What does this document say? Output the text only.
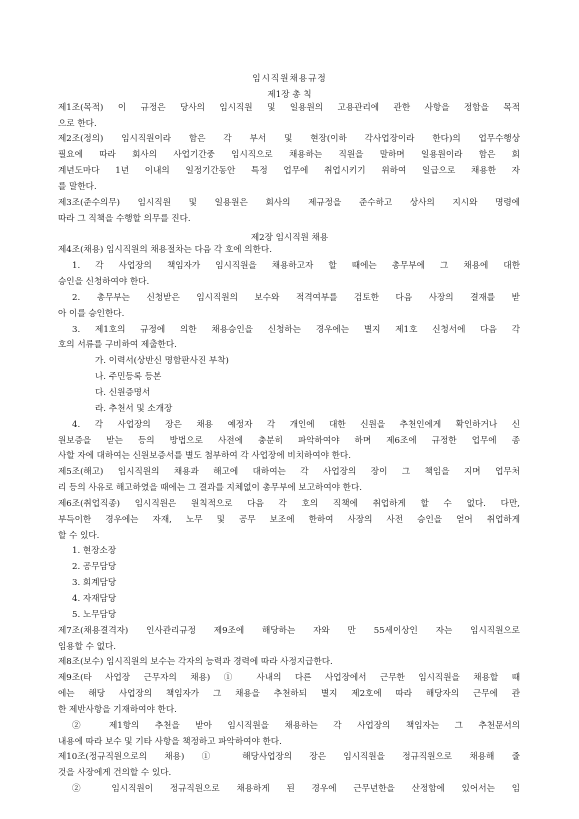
임시직원채용규정
제1장 총 칙
제1조(목적) 이 규정은 당사의 임시직원 및 일용원의 고용관리에 관한 사항을 정함을 목적
으로 한다.
제2조(정의) 임시직원이라 함은 각 부서 및 현장(이하 각사업장이라 한다)의 업무수행상
필요에 따라 회사의 사업기간중 임시직으로 채용하는 직원을 말하며 일용원이라 함은 회
계년도마다 1년 이내의 일정기간동안 특정 업무에 취업시키기 위하여 일급으로 채용한 자
를 말한다.
제3조(준수의무) 임시직원 및 일용원은 회사의 제규정을 준수하고 상사의 지시와 명령에
따라 그 직책을 수행할 의무를 진다.
제2장 임시직원 채용
제4조(채용) 임시직원의 채용절차는 다음 각 호에 의한다.
1. 각 사업장의 책임자가 임시직원을 채용하고자 할 때에는 총무부에 그 채용에 대한
승인을 신청하여야 한다.
2. 총무부는 신청받은 임시직원의 보수와 적격여부를 검토한 다음 사장의 결재를 받
아 이를 승인한다.
3. 제1호의 규정에 의한 채용승인을 신청하는 경우에는 별지 제1호 신청서에 다음 각
호의 서류를 구비하여 제출한다.
가. 이력서(상반신 명함판사진 부착)
나. 주민등록 등본
다. 신원증명서
라. 추천서 및 소개장
4. 각 사업장의 장은 채용 예정자 각 개인에 대한 신원을 추천인에게 확인하거나 신
원보증을 받는 등의 방법으로 사전에 충분히 파악하여야 하며 제6조에 규정한 업무에 종
사할 자에 대하여는 신원보증서를 별도 첨부하여 각 사업장에 비치하여야 한다.
제5조(해고) 임시직원의 채용과 해고에 대하여는 각 사업장의 장이 그 책임을 지며 업무처
리 등의 사유로 해고하였을 때에는 그 결과를 지체없이 총무부에 보고하여야 한다.
제6조(취업직종) 임시직원은 원칙적으로 다음 각 호의 직책에 취업하게 할 수 없다. 다만,
부득이한 경우에는 자재, 노무 및 공무 보조에 한하여 사장의 사전 승인을 얻어 취업하게
할 수 있다.
1. 현장소장
2. 공무담당
3. 회계담당
4. 자재담당
5. 노무담당
제7조(채용결격자) 인사관리규정 제9조에 해당하는 자와 만 55세이상인 자는 임시직원으로
임용할 수 없다.
제8조(보수) 임시직원의 보수는 각자의 능력과 경력에 따라 사정지급한다.
제9조(타 사업장 근무자의 채용) ① 사내의 다른 사업장에서 근무한 임시직원을 채용할 때
에는 해당 사업장의 책임자가 그 채용을 추천하되 별지 제2호에 따라 해당자의 근무에 관
한 제반사항을 기재하여야 한다.
② 제1항의 추천을 받아 임시직원을 채용하는 각 사업장의 책임자는 그 추천문서의
내용에 따라 보수 및 기타 사항을 책정하고 파악하여야 한다.
제10조(정규직원으로의 채용) ① 해당사업장의 장은 임시직원을 정규직원으로 채용해 줄
것을 사장에게 건의할 수 있다.
② 임시직원이 정규직원으로 채용하게 된 경우에 근무년한을 산정함에 있어서는 임
